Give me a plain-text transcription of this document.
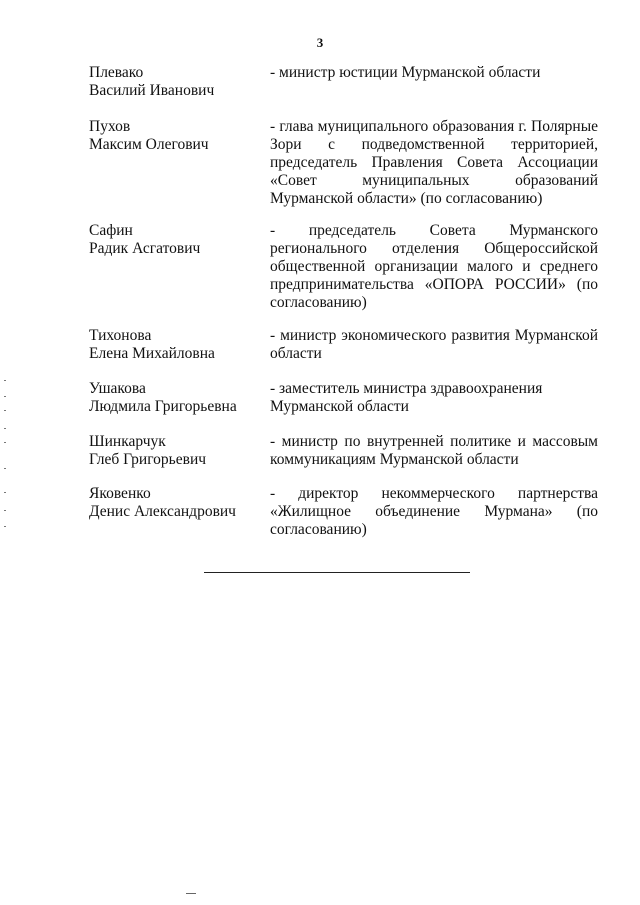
3
Плевако
Василий Иванович
- министр юстиции Мурманской области
Пухов
Максим Олегович
- глава муниципального образования г. Полярные
Зори с подведомственной территорией,
председатель Правления Совета Ассоциации
«Совет муниципальных образований
Мурманской области» (по согласованию)
Сафин
Радик Асгатович
- председатель Совета Мурманского
регионального отделения Общероссийской
общественной организации малого и среднего
предпринимательства «ОПОРА РОССИИ» (по
согласованию)
Тихонова
Елена Михайловна
- министр экономического развития Мурманской
области
Ушакова
Людмила Григорьевна
- заместитель министра здравоохранения
Мурманской области
Шинкарчук
Глеб Григорьевич
- министр по внутренней политике и массовым
коммуникациям Мурманской области
Яковенко
Денис Александрович
- директор некоммерческого партнерства
«Жилищное объединение Мурмана» (по
согласованию)
